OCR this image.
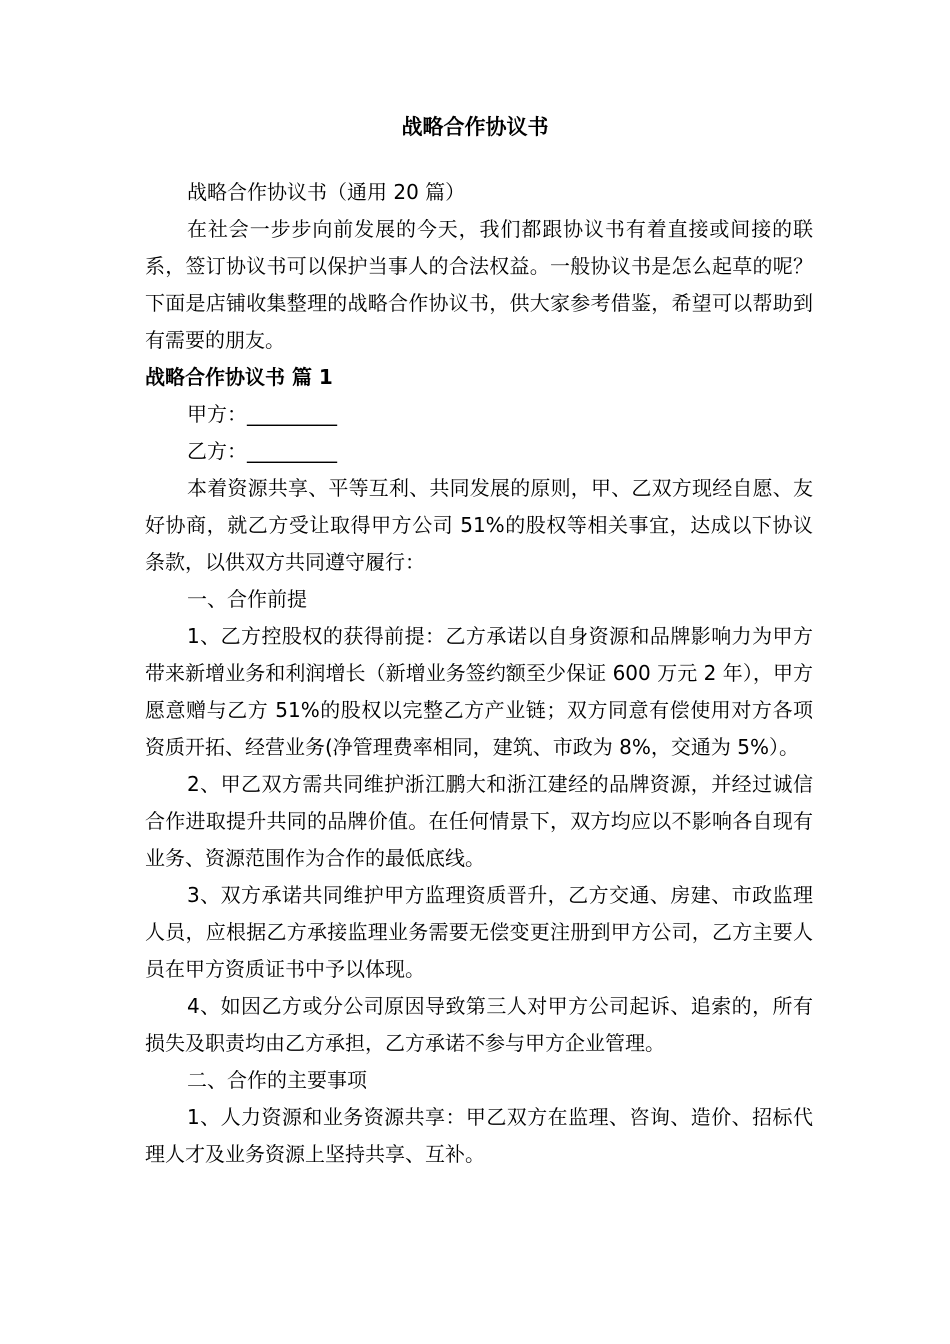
战略合作协议书

战略合作协议书（通用 20 篇）

在社会一步步向前发展的今天，我们都跟协议书有着直接或间接的联系，签订协议书可以保护当事人的合法权益。一般协议书是怎么起草的呢？下面是店铺收集整理的战略合作协议书，供大家参考借鉴，希望可以帮助到有需要的朋友。

战略合作协议书 篇 1

甲方：_________

乙方：_________

本着资源共享、平等互利、共同发展的原则，甲、乙双方现经自愿、友好协商，就乙方受让取得甲方公司 51%的股权等相关事宜，达成以下协议条款，以供双方共同遵守履行：

一、合作前提

1、乙方控股权的获得前提：乙方承诺以自身资源和品牌影响力为甲方带来新增业务和利润增长（新增业务签约额至少保证 600 万元 2 年），甲方愿意赠与乙方 51%的股权以完整乙方产业链；双方同意有偿使用对方各项资质开拓、经营业务(净管理费率相同，建筑、市政为 8%，交通为 5%）。

2、甲乙双方需共同维护浙江鹏大和浙江建经的品牌资源，并经过诚信合作进取提升共同的品牌价值。在任何情景下，双方均应以不影响各自现有业务、资源范围作为合作的最低底线。

3、双方承诺共同维护甲方监理资质晋升，乙方交通、房建、市政监理人员，应根据乙方承接监理业务需要无偿变更注册到甲方公司，乙方主要人员在甲方资质证书中予以体现。

4、如因乙方或分公司原因导致第三人对甲方公司起诉、追索的，所有损失及职责均由乙方承担，乙方承诺不参与甲方企业管理。

二、合作的主要事项

1、人力资源和业务资源共享：甲乙双方在监理、咨询、造价、招标代理人才及业务资源上坚持共享、互补。
